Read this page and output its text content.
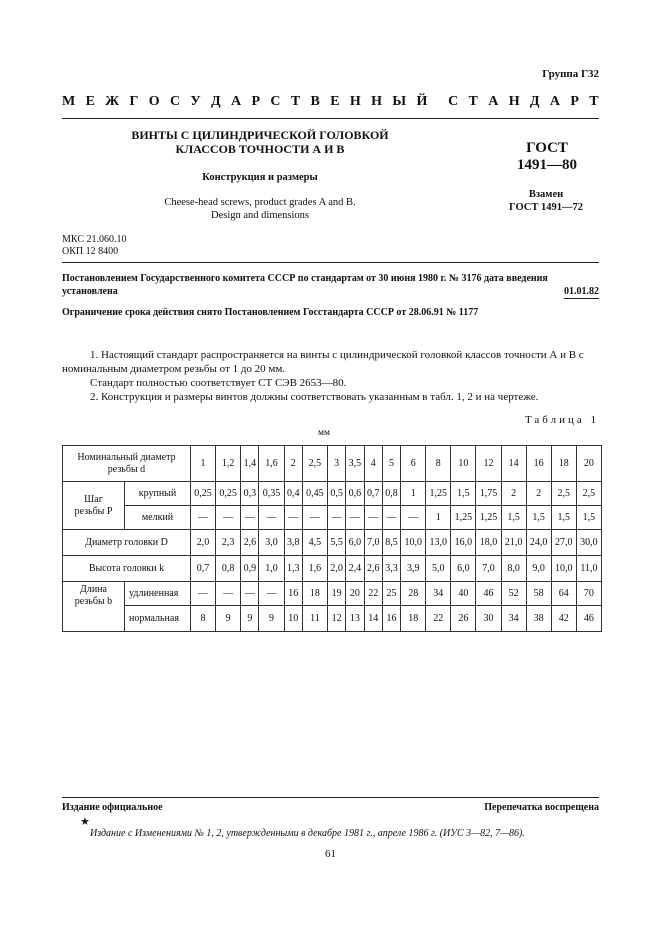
Группа Г32
М Е Ж Г О С У Д А Р С Т В Е Н Н Ы Й С Т А Н Д А Р Т
ВИНТЫ С ЦИЛИНДРИЧЕСКОЙ ГОЛОВКОЙ
КЛАССОВ ТОЧНОСТИ А И В
Конструкция и размеры
Cheese-head screws, product grades A and B.
Design and dimensions
ГОСТ
1491—80
Взамен
ГОСТ 1491—72
МКС 21.060.10
ОКП 12 8400
Постановлением Государственного комитета СССР по стандартам от 30 июня 1980 г. № 3176 дата введения
установлена	01.01.82
Ограничение срока действия снято Постановлением Госстандарта СССР от 28.06.91 № 1177

1. Настоящий стандарт распространяется на винты с цилиндрической головкой классов точности А и В с номинальным диаметром резьбы от 1 до 20 мм.

Стандарт полностью соответствует СТ СЭВ 2653—80.

2. Конструкция и размеры винтов должны соответствовать указанным в табл. 1, 2 и на чертеже.

Таблица 1
мм
Номинальный диаметр
резьбы d		1	1,2	1,4	1,6	2	2,5	3	3,5	4	5	6	8	10	12	14	16	18	20

Шаг
резьбы P	крупный	0,25	0,25	0,3	0,35	0,4	0,45	0,5	0,6	0,7	0,8	1	1,25	1,5	1,75	2	2	2,5	2,5
	мелкий	—	—	—	—	—	—	—	—	—	—	—	1	1,25	1,25	1,5	1,5	1,5	1,5
Диаметр головки D		2,0	2,3	2,6	3,0	3,8	4,5	5,5	6,0	7,0	8,5	10,0	13,0	16,0	18,0	21,0	24,0	27,0	30,0
Высота головки k		0,7	0,8	0,9	1,0	1,3	1,6	2,0	2,4	2,6	3,3	3,9	5,0	6,0	7,0	8,0	9,0	10,0	11,0

Длина
резьбы b	удлиненная	—	—	—	—	16	18	19	20	22	25	28	34	40	46	52	58	64	70
	нормальная	8	9	9	9	10	11	12	13	14	16	18	22	26	30	34	38	42	46
Издание официальное	Перепечатка воспрещена
★
Издание с Изменениями № 1, 2, утвержденными в декабре 1981 г., апреле 1986 г. (ИУС 3—82, 7—86).
61
